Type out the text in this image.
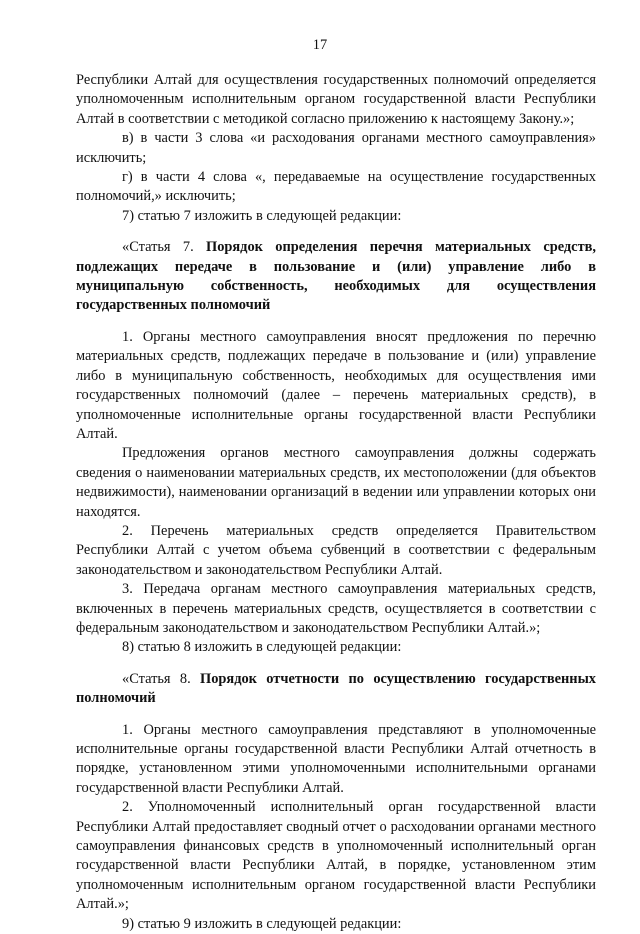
17

Республики Алтай для осуществления государственных полномочий определяется уполномоченным исполнительным органом государственной власти Республики Алтай в соответствии с методикой согласно приложению к настоящему Закону.»;

в) в части 3 слова «и расходования органами местного самоуправления» исключить;

г) в части 4 слова «, передаваемые на осуществление государственных полномочий,» исключить;

7) статью 7 изложить в следующей редакции:

«Статья 7. Порядок определения перечня материальных средств, подлежащих передаче в пользование и (или) управление либо в муниципальную собственность, необходимых для осуществления государственных полномочий

1. Органы местного самоуправления вносят предложения по перечню материальных средств, подлежащих передаче в пользование и (или) управление либо в муниципальную собственность, необходимых для осуществления ими государственных полномочий (далее – перечень материальных средств), в уполномоченные исполнительные органы государственной власти Республики Алтай.

Предложения органов местного самоуправления должны содержать сведения о наименовании материальных средств, их местоположении (для объектов недвижимости), наименовании организаций в ведении или управлении которых они находятся.

2. Перечень материальных средств определяется Правительством Республики Алтай с учетом объема субвенций в соответствии с федеральным законодательством и законодательством Республики Алтай.

3. Передача органам местного самоуправления материальных средств, включенных в перечень материальных средств, осуществляется в соответствии с федеральным законодательством и законодательством Республики Алтай.»;

8) статью 8 изложить в следующей редакции:

«Статья 8. Порядок отчетности по осуществлению государственных полномочий

1. Органы местного самоуправления представляют в уполномоченные исполнительные органы государственной власти Республики Алтай отчетность в порядке, установленном этими уполномоченными исполнительными органами государственной власти Республики Алтай.

2. Уполномоченный исполнительный орган государственной власти Республики Алтай предоставляет сводный отчет о расходовании органами местного самоуправления финансовых средств в уполномоченный исполнительный орган государственной власти Республики Алтай, в порядке, установленном этим уполномоченным исполнительным органом государственной власти Республики Алтай.»;

9) статью 9 изложить в следующей редакции:
